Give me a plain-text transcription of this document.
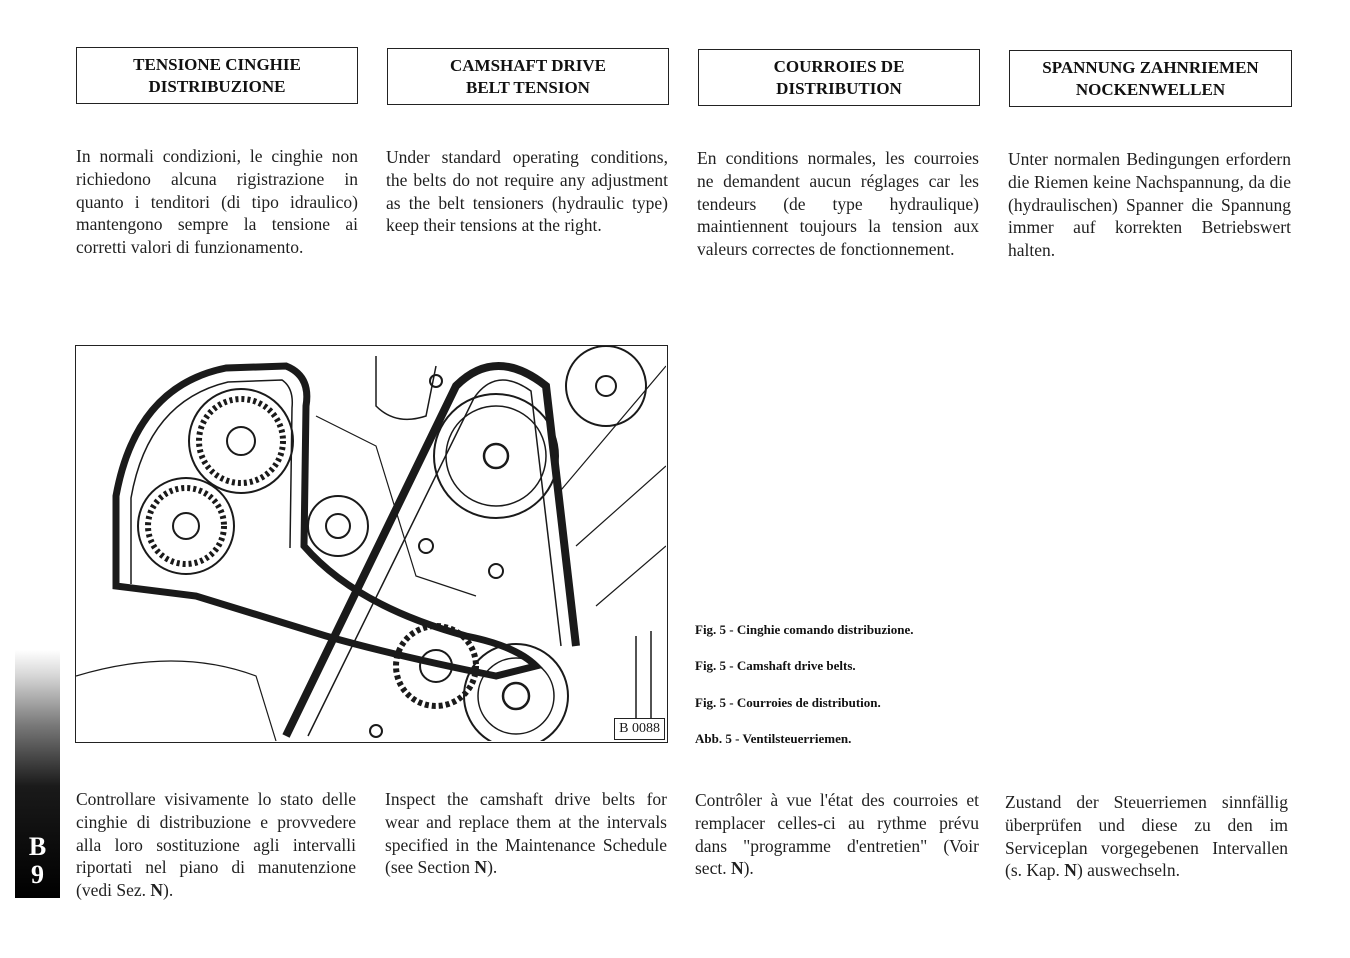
TENSIONE CINGHIE
DISTRIBUZIONE
CAMSHAFT DRIVE
BELT TENSION
COURROIES DE
DISTRIBUTION
SPANNUNG ZAHNRIEMEN
NOCKENWELLEN
In normali condizioni, le cinghie non richiedono alcuna rigistrazione in quanto i tenditori (di tipo idraulico) mantengono sempre la tensione ai corretti valori di funzionamento.
Under standard operating conditions, the belts do not require any adjustment as the belt tensioners (hydraulic type) keep their tensions at the right.
En conditions normales, les courroies ne demandent aucun réglages car les tendeurs (de type hydraulique) maintiennent toujours la tension aux valeurs correctes de fonctionnement.
Unter normalen Bedingungen erfordern die Riemen keine Nachspannung, da die (hydraulischen) Spanner die Spannung immer auf korrekten Betriebswert halten.
B 0088
Fig. 5 - Cinghie comando distribuzione.
Fig. 5 - Camshaft drive belts.
Fig. 5 - Courroies de distribution.
Abb. 5 - Ventilsteuerriemen.
Controllare visivamente lo stato delle cinghie di distribuzione e provvedere alla loro sostituzione agli intervalli riportati nel piano di manutenzione (vedi Sez. N).
Inspect the camshaft drive belts for wear and replace them at the intervals specified in the Maintenance Schedule (see Section N).
Contrôler à vue l'état des courroies et remplacer celles-ci au rythme prévu dans "programme d'entretien" (Voir sect. N).
Zustand der Steuerriemen sinnfällig überprüfen und diese zu den im Serviceplan vorgegebenen Intervallen (s. Kap. N) auswechseln.
B
9
